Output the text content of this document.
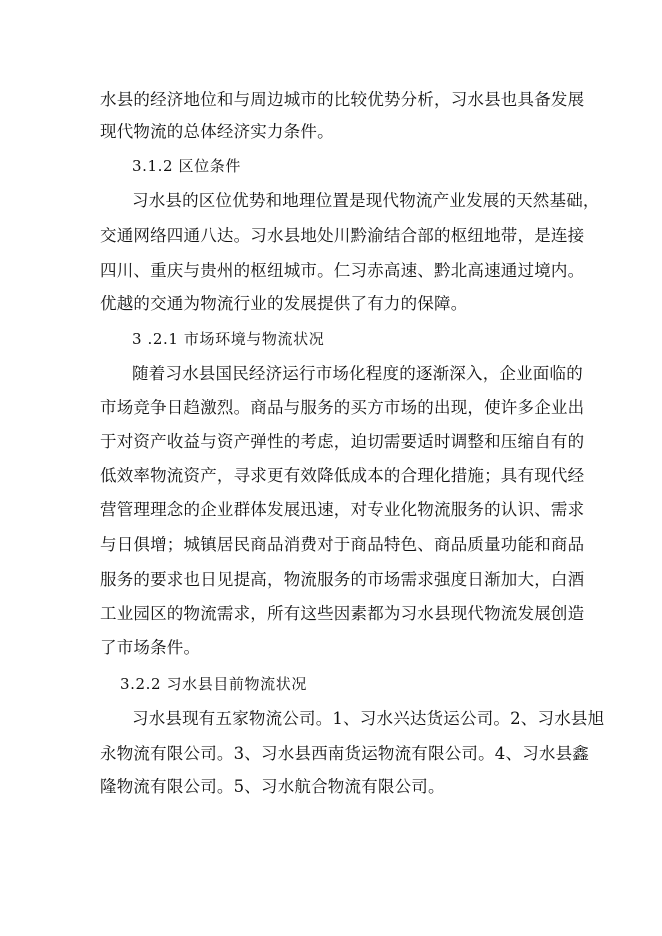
水县的经济地位和与周边城市的比较优势分析，习水县也具备发展
现代物流的总体经济实力条件。
3.1.2 区位条件
习水县的区位优势和地理位置是现代物流产业发展的天然基础，
交通网络四通八达。习水县地处川黔渝结合部的枢纽地带，是连接
四川、重庆与贵州的枢纽城市。仁习赤高速、黔北高速通过境内。
优越的交通为物流行业的发展提供了有力的保障。
3 .2.1 市场环境与物流状况
随着习水县国民经济运行市场化程度的逐渐深入，企业面临的
市场竞争日趋激烈。商品与服务的买方市场的出现，使许多企业出
于对资产收益与资产弹性的考虑，迫切需要适时调整和压缩自有的
低效率物流资产，寻求更有效降低成本的合理化措施；具有现代经
营管理理念的企业群体发展迅速，对专业化物流服务的认识、需求
与日俱增；城镇居民商品消费对于商品特色、商品质量功能和商品
服务的要求也日见提高，物流服务的市场需求强度日渐加大，白酒
工业园区的物流需求，所有这些因素都为习水县现代物流发展创造
了市场条件。
3.2.2 习水县目前物流状况
习水县现有五家物流公司。1、习水兴达货运公司。2、习水县旭
永物流有限公司。3、习水县西南货运物流有限公司。4、习水县鑫
隆物流有限公司。5、习水航合物流有限公司。
